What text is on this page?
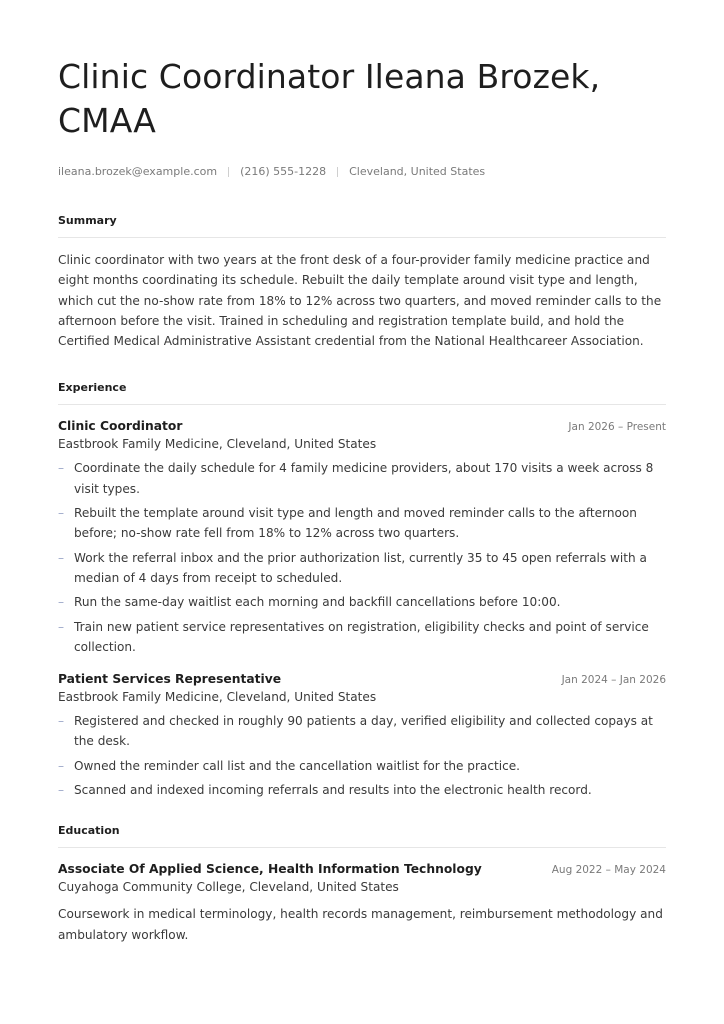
Clinic Coordinator Ileana Brozek, CMAA
ileana.brozek@example.com (216) 555-1228 Cleveland, United States
Summary
Clinic coordinator with two years at the front desk of a four-provider family medicine practice and eight months coordinating its schedule. Rebuilt the daily template around visit type and length, which cut the no-show rate from 18% to 12% across two quarters, and moved reminder calls to the afternoon before the visit. Trained in scheduling and registration template build, and hold the Certified Medical Administrative Assistant credential from the National Healthcareer Association.
Experience
Clinic Coordinator	Jan 2026 – Present
Eastbrook Family Medicine, Cleveland, United States
– Coordinate the daily schedule for 4 family medicine providers, about 170 visits a week across 8 visit types.
– Rebuilt the template around visit type and length and moved reminder calls to the afternoon before; no-show rate fell from 18% to 12% across two quarters.
– Work the referral inbox and the prior authorization list, currently 35 to 45 open referrals with a median of 4 days from receipt to scheduled.
– Run the same-day waitlist each morning and backfill cancellations before 10:00.
– Train new patient service representatives on registration, eligibility checks and point of service collection.
Patient Services Representative	Jan 2024 – Jan 2026
Eastbrook Family Medicine, Cleveland, United States
– Registered and checked in roughly 90 patients a day, verified eligibility and collected copays at the desk.
– Owned the reminder call list and the cancellation waitlist for the practice.
– Scanned and indexed incoming referrals and results into the electronic health record.
Education
Associate Of Applied Science, Health Information Technology	Aug 2022 – May 2024
Cuyahoga Community College, Cleveland, United States
Coursework in medical terminology, health records management, reimbursement methodology and ambulatory workflow.
